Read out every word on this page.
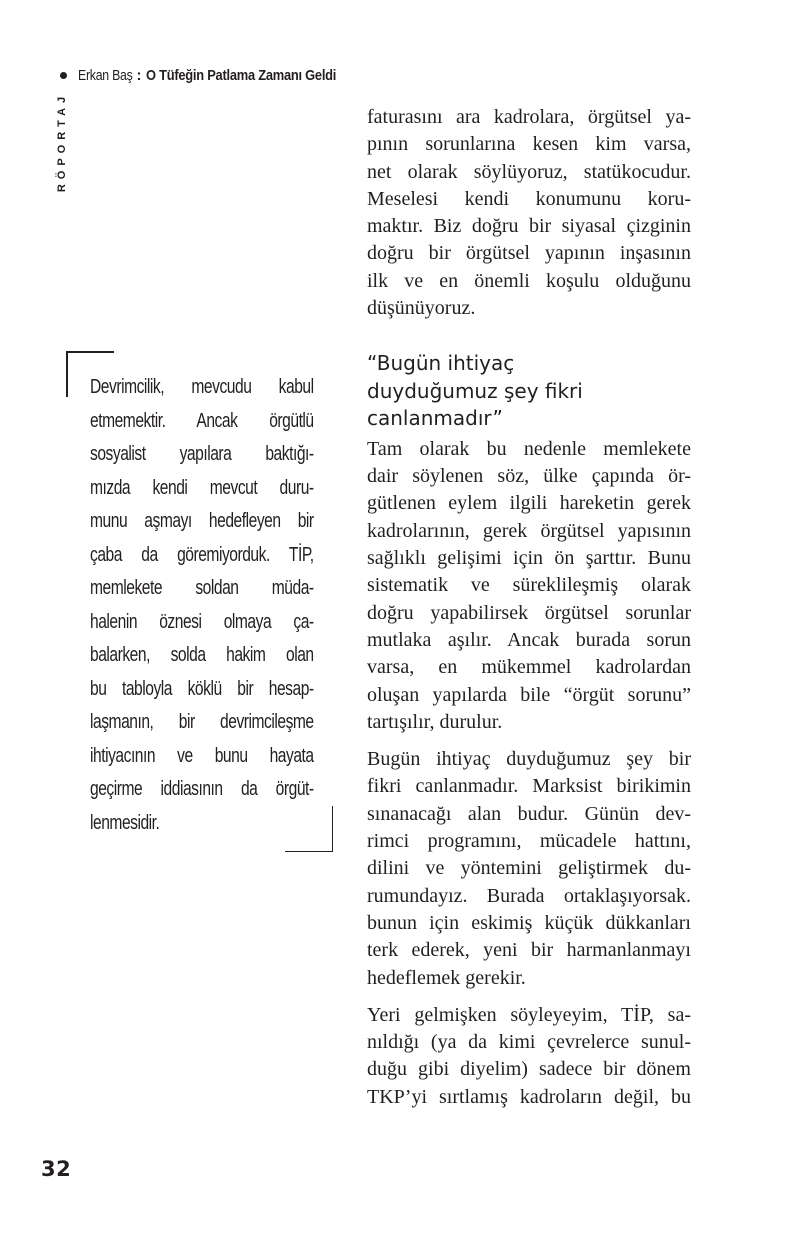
Erkan Baş : O Tüfeğin Patlama Zamanı Geldi
RÖPORTAJ
Devrimcilik, mevcudu kabul
etmemektir. Ancak örgütlü
sosyalist yapılara baktığı-
mızda kendi mevcut duru-
munu aşmayı hedefleyen bir
çaba da göremiyorduk. TİP,
memlekete soldan müda-
halenin öznesi olmaya ça-
balarken, solda hakim olan
bu tabloyla köklü bir hesap-
laşmanın, bir devrimcileşme
ihtiyacının ve bunu hayata
geçirme iddiasının da örgüt-
lenmesidir.
faturasını ara kadrolara, örgütsel ya-
pının sorunlarına kesen kim varsa,
net olarak söylüyoruz, statükocudur.
Meselesi kendi konumunu koru-
maktır. Biz doğru bir siyasal çizginin
doğru bir örgütsel yapının inşasının
ilk ve en önemli koşulu olduğunu
düşünüyoruz.
“Bugün ihtiyaç
duyduğumuz şey fikri
canlanmadır”
Tam olarak bu nedenle memlekete
dair söylenen söz, ülke çapında ör-
gütlenen eylem ilgili hareketin gerek
kadrolarının, gerek örgütsel yapısının
sağlıklı gelişimi için ön şarttır. Bunu
sistematik ve süreklileşmiş olarak
doğru yapabilirsek örgütsel sorunlar
mutlaka aşılır. Ancak burada sorun
varsa, en mükemmel kadrolardan
oluşan yapılarda bile “örgüt sorunu”
tartışılır, durulur.
Bugün ihtiyaç duyduğumuz şey bir
fikri canlanmadır. Marksist birikimin
sınanacağı alan budur. Günün dev-
rimci programını, mücadele hattını,
dilini ve yöntemini geliştirmek du-
rumundayız. Burada ortaklaşıyorsak.
bunun için eskimiş küçük dükkanları
terk ederek, yeni bir harmanlanmayı
hedeflemek gerekir.
Yeri gelmişken söyleyeyim, TİP, sa-
nıldığı (ya da kimi çevrelerce sunul-
duğu gibi diyelim) sadece bir dönem
TKP’yi sırtlamış kadroların değil, bu
32
